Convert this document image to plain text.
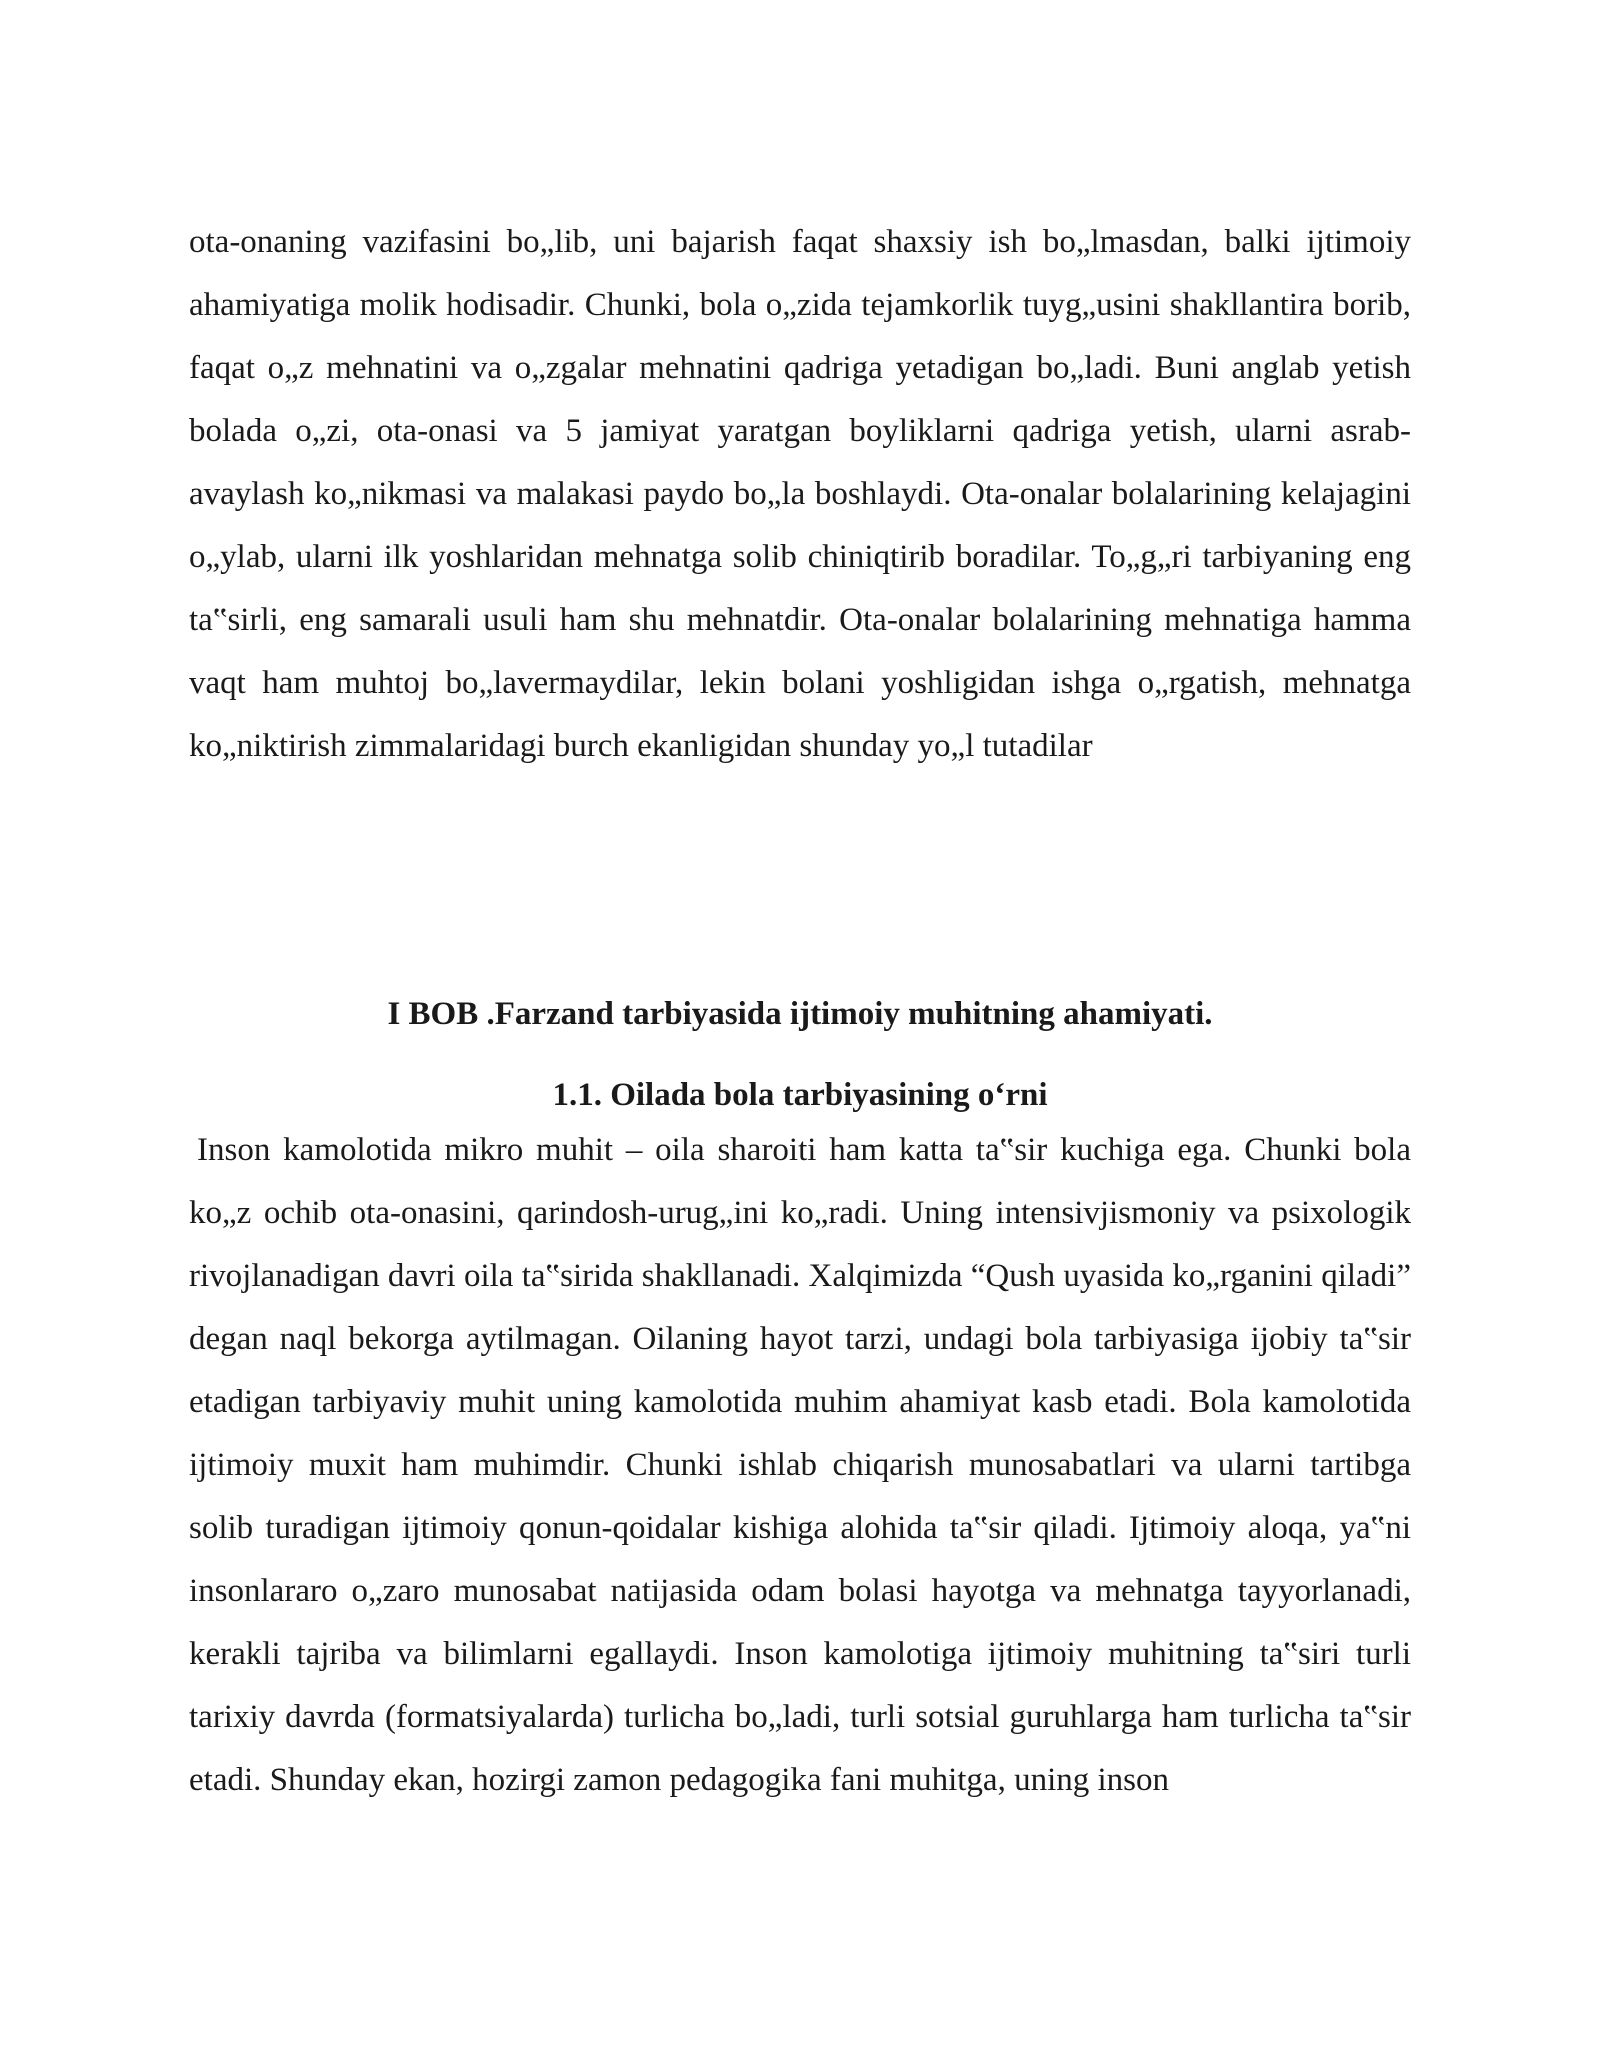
ota-onaning vazifasini bo„lib, uni bajarish faqat shaxsiy ish bo„lmasdan, balki ijtimoiy ahamiyatiga molik hodisadir. Chunki, bola o„zida tejamkorlik tuyg„usini shakllantira borib, faqat o„z mehnatini va o„zgalar mehnatini qadriga yetadigan bo„ladi. Buni anglab yetish bolada o„zi, ota-onasi va 5 jamiyat yaratgan boyliklarni qadriga yetish, ularni asrab-avaylash ko„nikmasi va malakasi paydo bo„la boshlaydi. Ota-onalar bolalarining kelajagini o„ylab, ularni ilk yoshlaridan mehnatga solib chiniqtirib boradilar. To„g„ri tarbiyaning eng ta‟sirli, eng samarali usuli ham shu mehnatdir. Ota-onalar bolalarining mehnatiga hamma vaqt ham muhtoj bo„lavermaydilar, lekin bolani yoshligidan ishga o„rgatish, mehnatga ko„niktirish zimmalaridagi burch ekanligidan shunday yo„l tutadilar

I BOB .Farzand tarbiyasida ijtimoiy muhitning ahamiyati.
1.1. Oilada bola tarbiyasining o‘rni

Inson kamolotida mikro muhit – oila sharoiti ham katta ta‟sir kuchiga ega. Chunki bola ko„z ochib ota-onasini, qarindosh-urug„ini ko„radi. Uning intensivjismoniy va psixologik rivojlanadigan davri oila ta‟sirida shakllanadi. Xalqimizda “Qush uyasida ko„rganini qiladi” degan naql bekorga aytilmagan. Oilaning hayot tarzi, undagi bola tarbiyasiga ijobiy ta‟sir etadigan tarbiyaviy muhit uning kamolotida muhim ahamiyat kasb etadi. Bola kamolotida ijtimoiy muxit ham muhimdir. Chunki ishlab chiqarish munosabatlari va ularni tartibga solib turadigan ijtimoiy qonun-qoidalar kishiga alohida ta‟sir qiladi. Ijtimoiy aloqa, ya‟ni insonlararo o„zaro munosabat natijasida odam bolasi hayotga va mehnatga tayyorlanadi, kerakli tajriba va bilimlarni egallaydi. Inson kamolotiga ijtimoiy muhitning ta‟siri turli tarixiy davrda (formatsiyalarda) turlicha bo„ladi, turli sotsial guruhlarga ham turlicha ta‟sir etadi. Shunday ekan, hozirgi zamon pedagogika fani muhitga, uning inson
